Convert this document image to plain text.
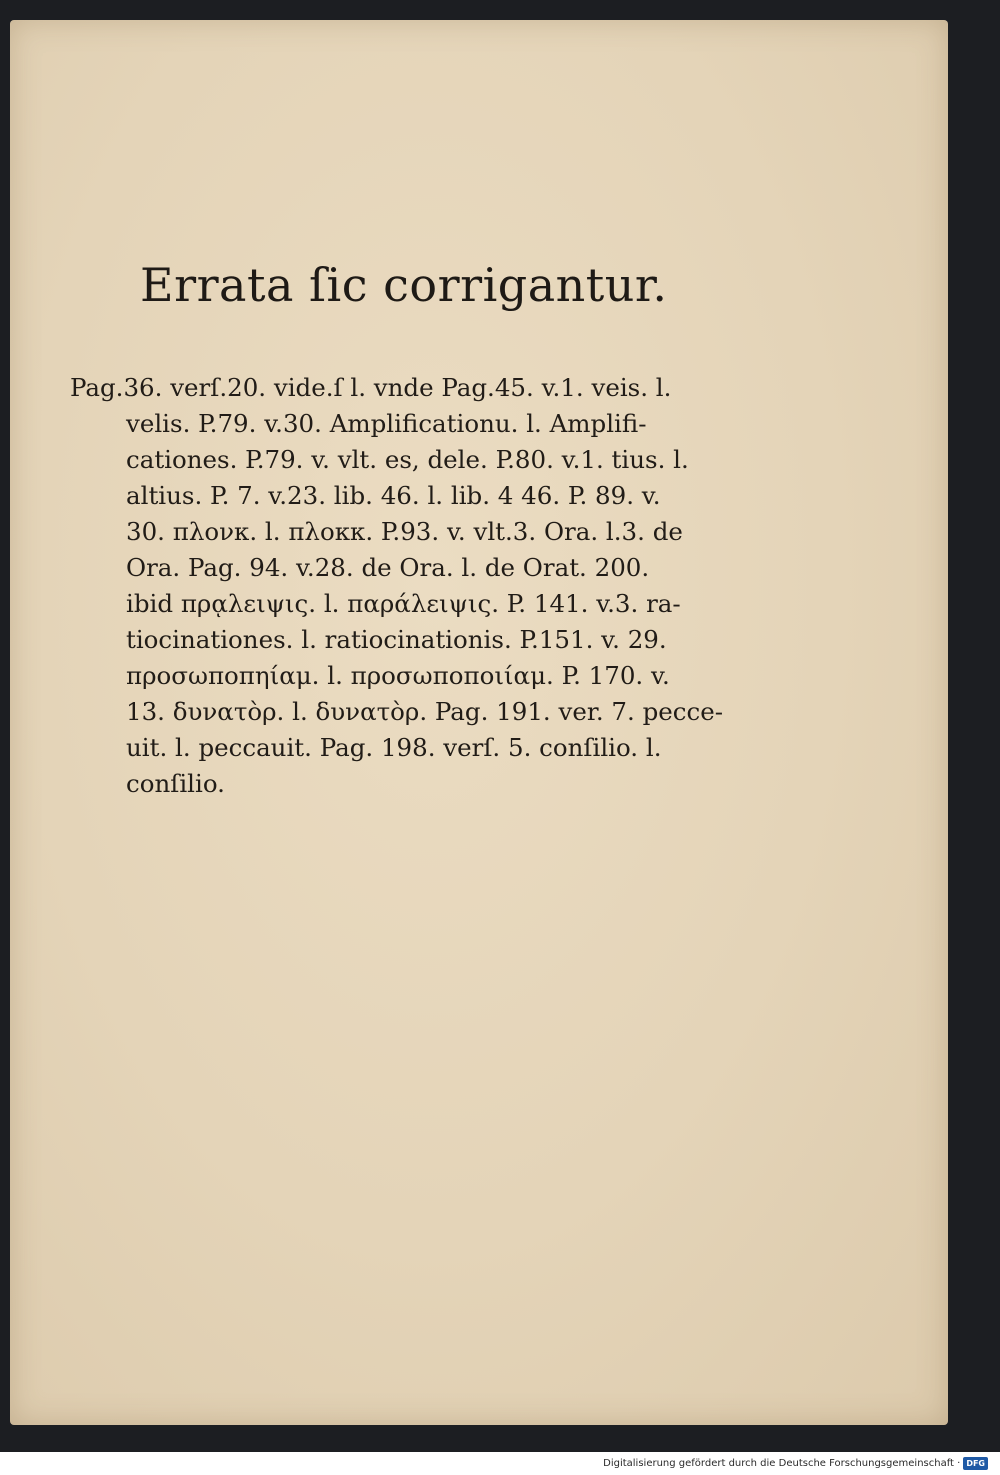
Errata ſic corrigantur.
Pag.36. verſ.20. vide.ſ l. vnde Pag.45. v.1. veis. l.
velis. P.79. v.30. Amplificationu. l. Amplifi-
cationes. P.79. v. vlt. es, dele. P.80. v.1. tius. l.
altius. P. 7. v.23. lib. 46. l. lib. 4 46. P. 89. v.
30. πλονκ. l. πλοκκ. P.93. v. vlt.3. Ora. l.3. de
Ora. Pag. 94. v.28. de Ora. l. de Orat. 200.
ibid πρᾳλειψις. l. παράλειψις. P. 141. v.3. ra-
tiocinationes. l. ratiocinationis. P.151. v. 29.
προσωποπηίαμ. l. προσωποποιίαμ. P. 170. v.
13. δυνατὸρ. l. δυνατὸρ. Pag. 191. ver. 7. pecce-
uit. l. peccauit. Pag. 198. verſ. 5. conſilio. l.
conſilio.
Digitalisierung gefördert durch die Deutsche Forschungsgemeinschaft · DFG
